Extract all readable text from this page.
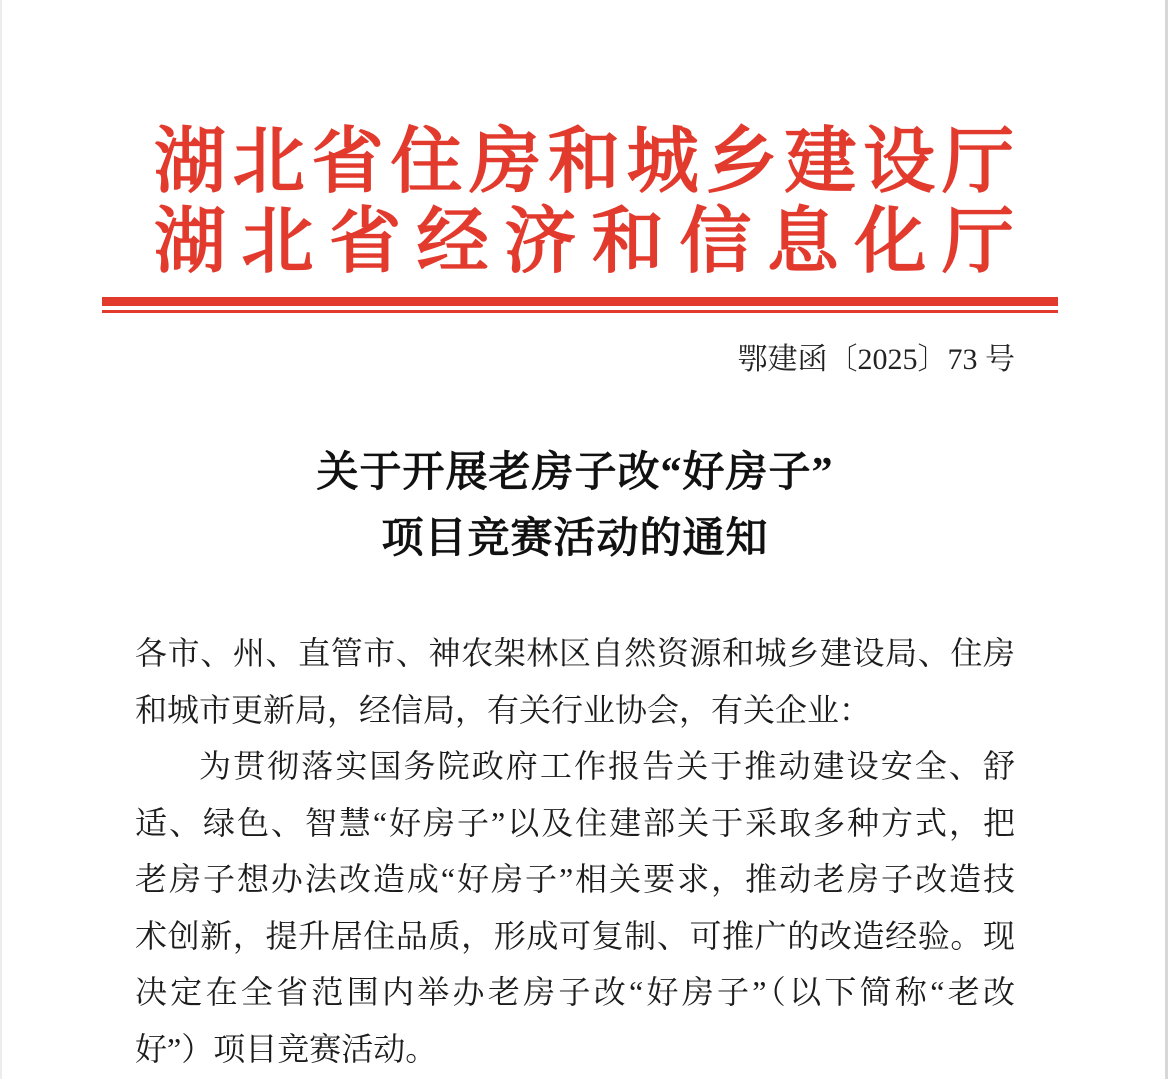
湖北省住房和城乡建设厅
湖北省经济和信息化厅
鄂建函〔2025〕73 号
关于开展老房子改“好房子”
项目竞赛活动的通知
各市、州、直管市、神农架林区自然资源和城乡建设局、住房
和城市更新局，经信局，有关行业协会，有关企业：
为贯彻落实国务院政府工作报告关于推动建设安全、舒
适、绿色、智慧“好房子”以及住建部关于采取多种方式，把
老房子想办法改造成“好房子”相关要求，推动老房子改造技
术创新，提升居住品质，形成可复制、可推广的改造经验。现
决定在全省范围内举办老房子改“好房子”（以下简称“老改
好”）项目竞赛活动。
